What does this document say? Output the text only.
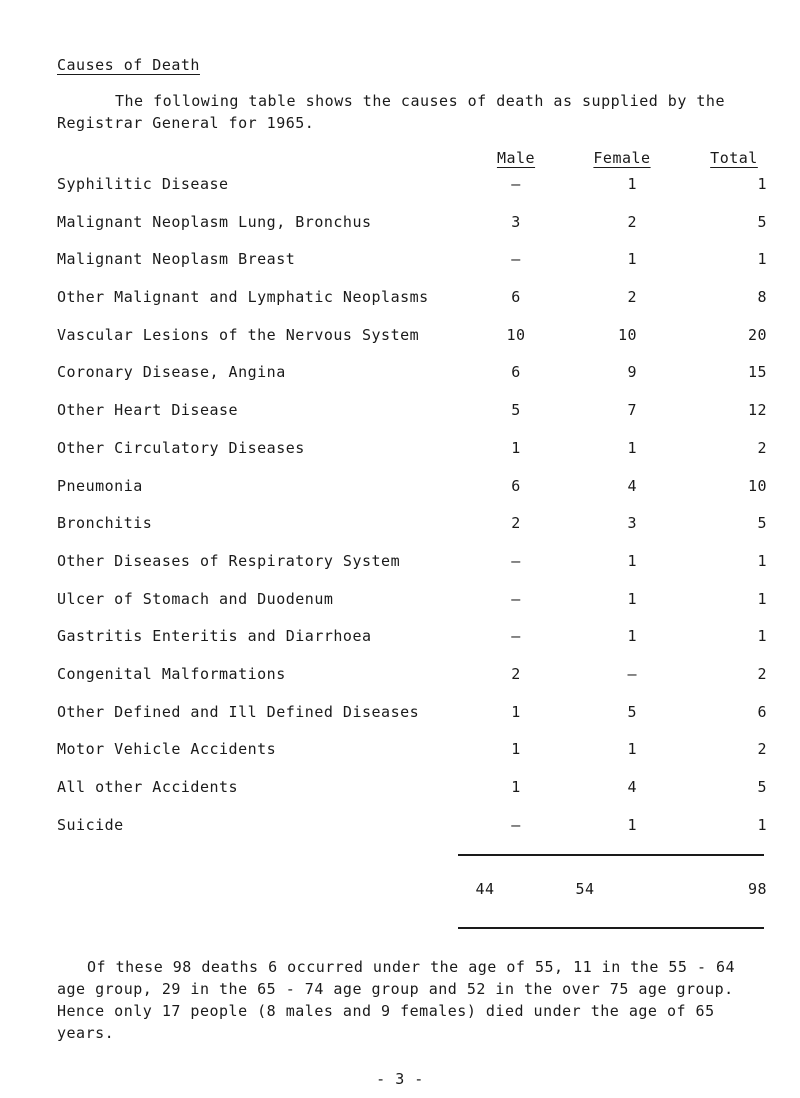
Causes of Death
The following table shows the causes of death as supplied by the Registrar General for 1965.
Male	Female	Total
Syphilitic Disease	–	1	1
Malignant Neoplasm Lung, Bronchus	3	2	5
Malignant Neoplasm Breast	–	1	1
Other Malignant and Lymphatic Neoplasms	6	2	8
Vascular Lesions of the Nervous System	10	10	20
Coronary Disease, Angina	6	9	15
Other Heart Disease	5	7	12
Other Circulatory Diseases	1	1	2
Pneumonia	6	4	10
Bronchitis	2	3	5
Other Diseases of Respiratory System	–	1	1
Ulcer of Stomach and Duodenum	–	1	1
Gastritis Enteritis and Diarrhoea	–	1	1
Congenital Malformations	2	–	2
Other Defined and Ill Defined Diseases	1	5	6
Motor Vehicle Accidents	1	1	2
All other Accidents	1	4	5
Suicide	–	1	1
44	54	98
Of these 98 deaths 6 occurred under the age of 55, 11 in the 55 - 64 age group, 29 in the 65 - 74 age group and 52 in the over 75 age group. Hence only 17 people (8 males and 9 females) died under the age of 65 years.
- 3 -
